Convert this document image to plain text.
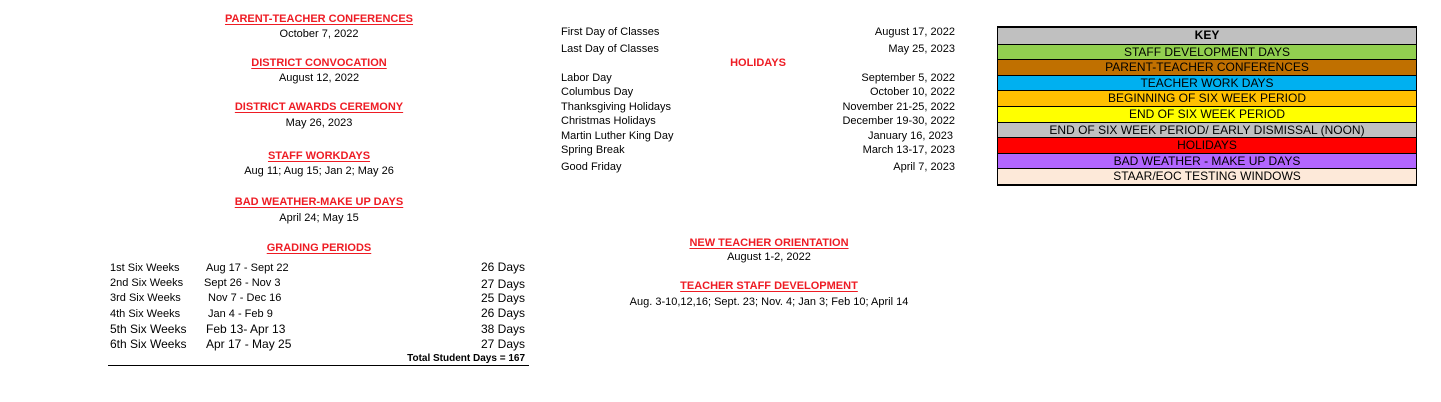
PARENT-TEACHER CONFERENCES
October 7, 2022
DISTRICT CONVOCATION
August 12, 2022
DISTRICT AWARDS CEREMONY
May 26, 2023
STAFF WORKDAYS
Aug 11; Aug 15; Jan 2; May 26
BAD WEATHER-MAKE UP DAYS
April 24; May 15
GRADING PERIODS
1st Six Weeks Aug 17 - Sept 22	26 Days
2nd Six Weeks Sept 26 - Nov 3	27 Days
3rd Six Weeks Nov 7 - Dec 16	25 Days
4th Six Weeks	Jan 4 - Feb 9	26 Days
5th Six Weeks Feb 13- Apr 13	38 Days
6th Six Weeks Apr 17 - May 25	27 Days
Total Student Days = 167
First Day of Classes	August 17, 2022
Last Day of Classes	May 25, 2023
HOLIDAYS
Labor Day	September 5, 2022
Columbus Day	October 10, 2022
Thanksgiving Holidays	November 21-25, 2022
Christmas Holidays	December 19-30, 2022
Martin Luther King Day	January 16, 2023
Spring Break	March 13-17, 2023
Good Friday	April 7, 2023
NEW TEACHER ORIENTATION
August 1-2, 2022
TEACHER STAFF DEVELOPMENT
Aug. 3-10,12,16; Sept. 23; Nov. 4; Jan 3; Feb 10; April 14
KEY
STAFF DEVELOPMENT DAYS
PARENT-TEACHER CONFERENCES
TEACHER WORK DAYS
BEGINNING OF SIX WEEK PERIOD
END OF SIX WEEK PERIOD
END OF SIX WEEK PERIOD/ EARLY DISMISSAL (NOON)
HOLIDAYS
BAD WEATHER - MAKE UP DAYS
STAAR/EOC TESTING WINDOWS
